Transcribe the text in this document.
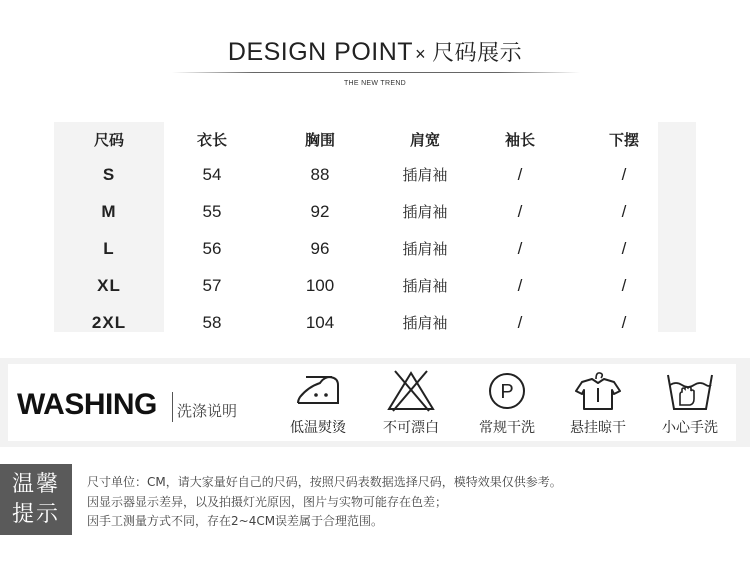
DESIGN POINT × 尺码展示
THE NEW TREND
尺码	衣长	胸围	肩宽	袖长	下摆
S	54	88	插肩袖	/	/
M	55	92	插肩袖	/	/
L	56	96	插肩袖	/	/
XL	57	100	插肩袖	/	/
2XL	58	104	插肩袖	/	/
WASHING 洗涤说明
低温熨烫	不可漂白
P
常规干洗	悬挂晾干	小心手洗
温馨
提示
尺寸单位：CM，请大家量好自己的尺码，按照尺码表数据选择尺码，模特效果仅供参考。
因显示器显示差异，以及拍摄灯光原因，图片与实物可能存在色差；
因手工测量方式不同，存在2~4CM误差属于合理范围。
